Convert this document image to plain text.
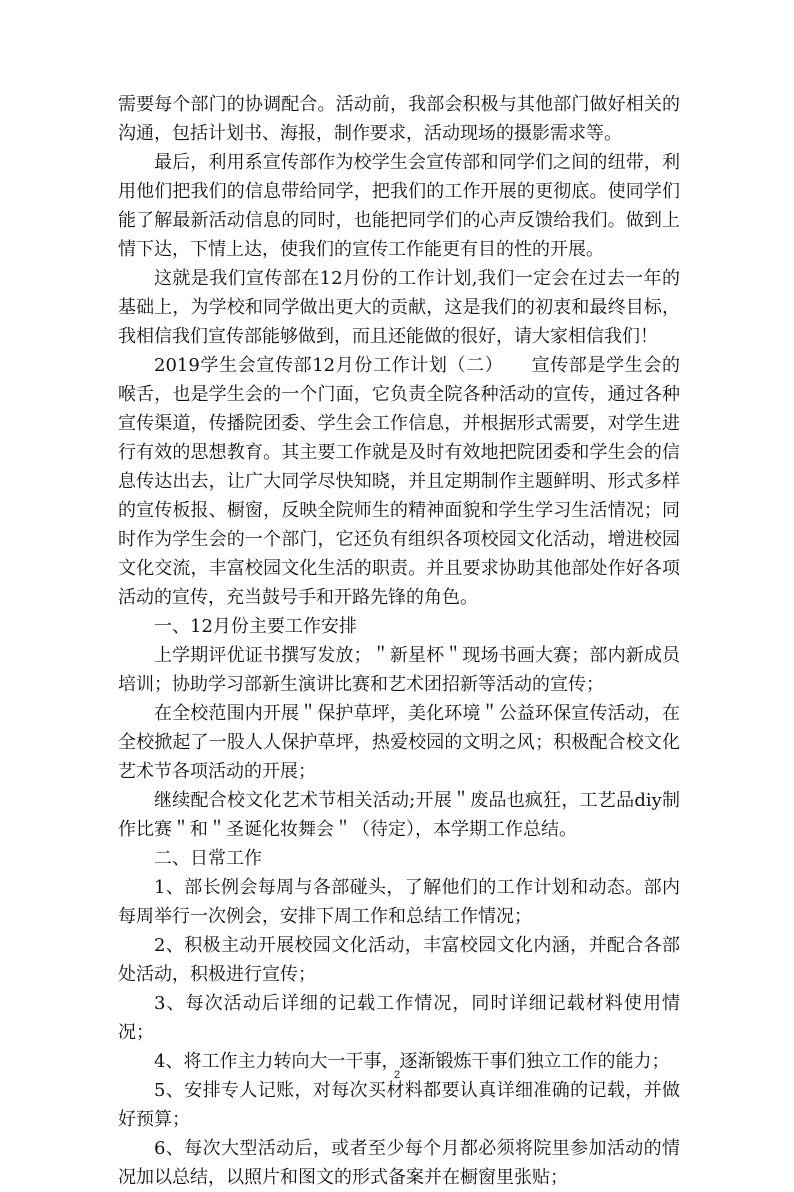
需要每个部门的协调配合。活动前，我部会积极与其他部门做好相关的沟通，包括计划书、海报，制作要求，活动现场的摄影需求等。

最后，利用系宣传部作为校学生会宣传部和同学们之间的纽带，利用他们把我们的信息带给同学，把我们的工作开展的更彻底。使同学们能了解最新活动信息的同时，也能把同学们的心声反馈给我们。做到上情下达，下情上达，使我们的宣传工作能更有目的性的开展。

这就是我们宣传部在12月份的工作计划,我们一定会在过去一年的基础上，为学校和同学做出更大的贡献，这是我们的初衷和最终目标，我相信我们宣传部能够做到，而且还能做的很好，请大家相信我们！

2019学生会宣传部12月份工作计划（二）　　宣传部是学生会的喉舌，也是学生会的一个门面，它负责全院各种活动的宣传，通过各种宣传渠道，传播院团委、学生会工作信息，并根据形式需要，对学生进行有效的思想教育。其主要工作就是及时有效地把院团委和学生会的信息传达出去，让广大同学尽快知晓，并且定期制作主题鲜明、形式多样的宣传板报、橱窗，反映全院师生的精神面貌和学生学习生活情况；同时作为学生会的一个部门，它还负有组织各项校园文化活动，增进校园文化交流，丰富校园文化生活的职责。并且要求协助其他部处作好各项活动的宣传，充当鼓号手和开路先锋的角色。

一、12月份主要工作安排

上学期评优证书撰写发放；＂新星杯＂现场书画大赛；部内新成员培训；协助学习部新生演讲比赛和艺术团招新等活动的宣传；

在全校范围内开展＂保护草坪，美化环境＂公益环保宣传活动，在全校掀起了一股人人保护草坪，热爱校园的文明之风；积极配合校文化艺术节各项活动的开展；

继续配合校文化艺术节相关活动;开展＂废品也疯狂，工艺品diy制作比赛＂和＂圣诞化妆舞会＂（待定），本学期工作总结。

二、日常工作

1、部长例会每周与各部碰头，了解他们的工作计划和动态。部内每周举行一次例会，安排下周工作和总结工作情况；

2、积极主动开展校园文化活动，丰富校园文化内涵，并配合各部处活动，积极进行宣传；

3、每次活动后详细的记载工作情况，同时详细记载材料使用情况；

4、将工作主力转向大一干事，逐渐锻炼干事们独立工作的能力；

5、安排专人记账，对每次买材料都要认真详细准确的记载，并做好预算；

6、每次大型活动后，或者至少每个月都必须将院里参加活动的情况加以总结，以照片和图文的形式备案并在橱窗里张贴；

2
